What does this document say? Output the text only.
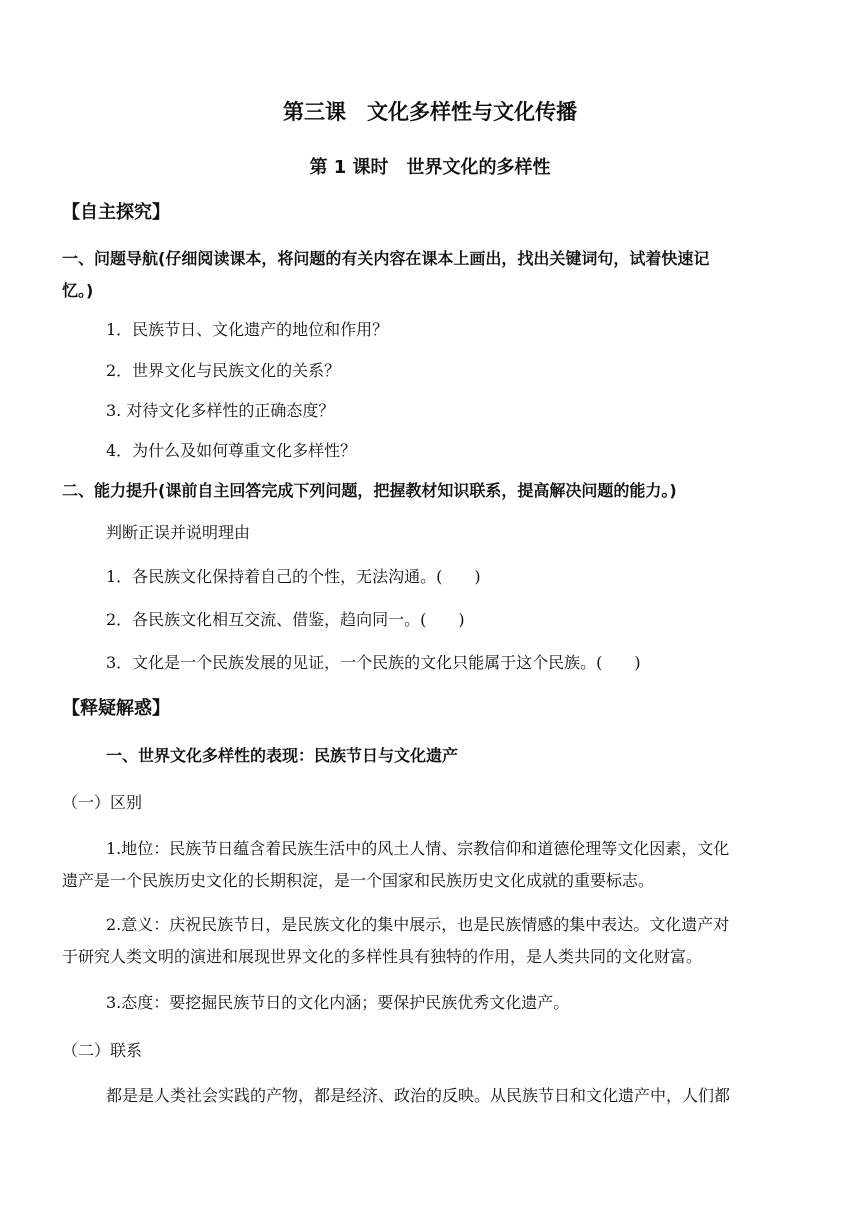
第三课　文化多样性与文化传播
第 1 课时　世界文化的多样性
【自主探究】
一、问题导航(仔细阅读课本，将问题的有关内容在课本上画出，找出关键词句，试着快速记
忆。)
1．民族节日、文化遗产的地位和作用？
2．世界文化与民族文化的关系？
3. 对待文化多样性的正确态度？
4．为什么及如何尊重文化多样性？
二、能力提升(课前自主回答完成下列问题，把握教材知识联系，提高解决问题的能力。)
判断正误并说明理由
1．各民族文化保持着自己的个性，无法沟通。(　　)
2．各民族文化相互交流、借鉴，趋向同一。(　　)
3．文化是一个民族发展的见证，一个民族的文化只能属于这个民族。(　　)
【释疑解惑】
一、世界文化多样性的表现：民族节日与文化遗产
（一）区别
1.地位：民族节日蕴含着民族生活中的风土人情、宗教信仰和道德伦理等文化因素，文化
遗产是一个民族历史文化的长期积淀，是一个国家和民族历史文化成就的重要标志。
2.意义：庆祝民族节日，是民族文化的集中展示，也是民族情感的集中表达。文化遗产对
于研究人类文明的演进和展现世界文化的多样性具有独特的作用，是人类共同的文化财富。
3.态度：要挖掘民族节日的文化内涵；要保护民族优秀文化遗产。
（二）联系
都是是人类社会实践的产物，都是经济、政治的反映。从民族节日和文化遗产中，人们都
